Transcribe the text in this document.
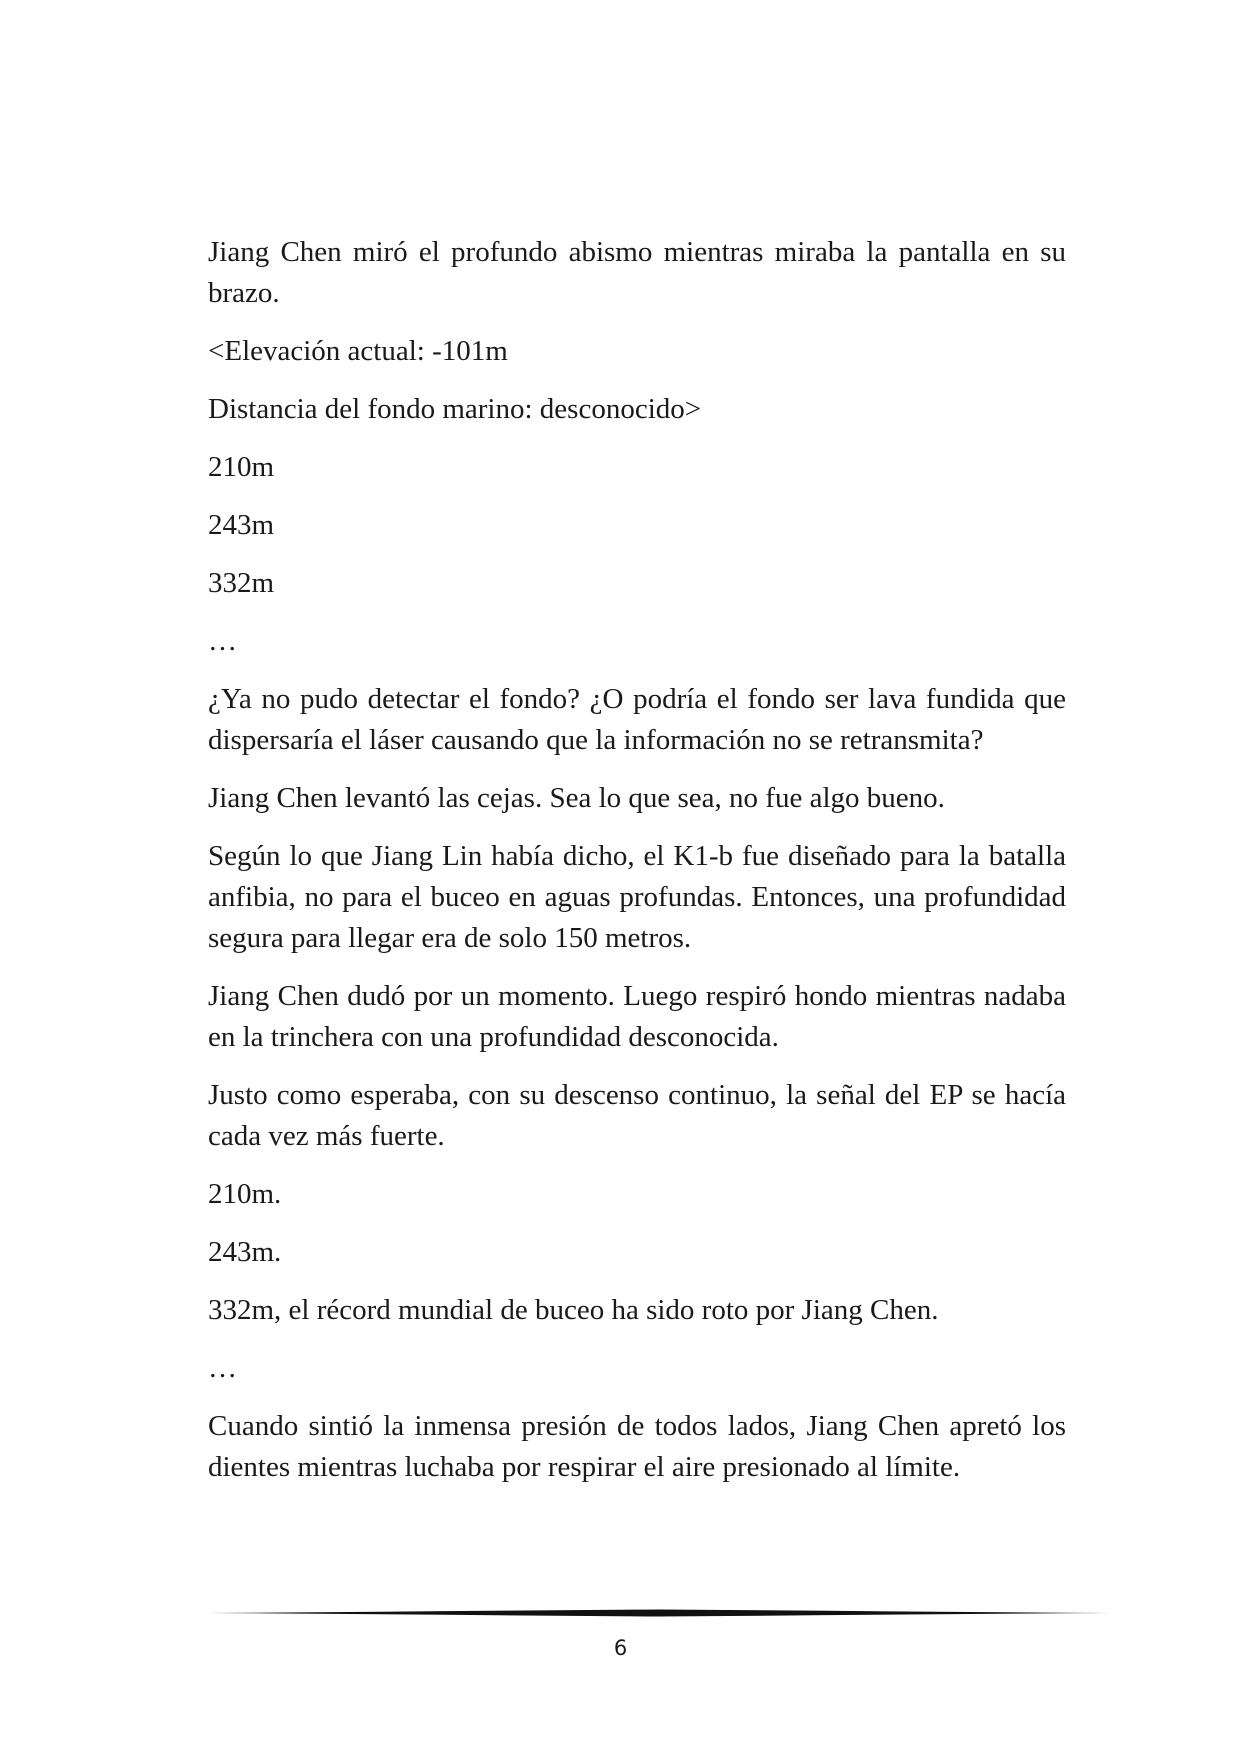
Jiang Chen miró el profundo abismo mientras miraba la pantalla en su brazo.

<Elevación actual: -101m

Distancia del fondo marino: desconocido>

210m

243m

332m

…

¿Ya no pudo detectar el fondo? ¿O podría el fondo ser lava fundida que dispersaría el láser causando que la información no se retransmita?

Jiang Chen levantó las cejas. Sea lo que sea, no fue algo bueno.

Según lo que Jiang Lin había dicho, el K1-b fue diseñado para la batalla anfibia, no para el buceo en aguas profundas. Entonces, una profundidad segura para llegar era de solo 150 metros.

Jiang Chen dudó por un momento. Luego respiró hondo mientras nadaba en la trinchera con una profundidad desconocida.

Justo como esperaba, con su descenso continuo, la señal del EP se hacía cada vez más fuerte.

210m.

243m.

332m, el récord mundial de buceo ha sido roto por Jiang Chen.

…

Cuando sintió la inmensa presión de todos lados, Jiang Chen apretó los dientes mientras luchaba por respirar el aire presionado al límite.

6
